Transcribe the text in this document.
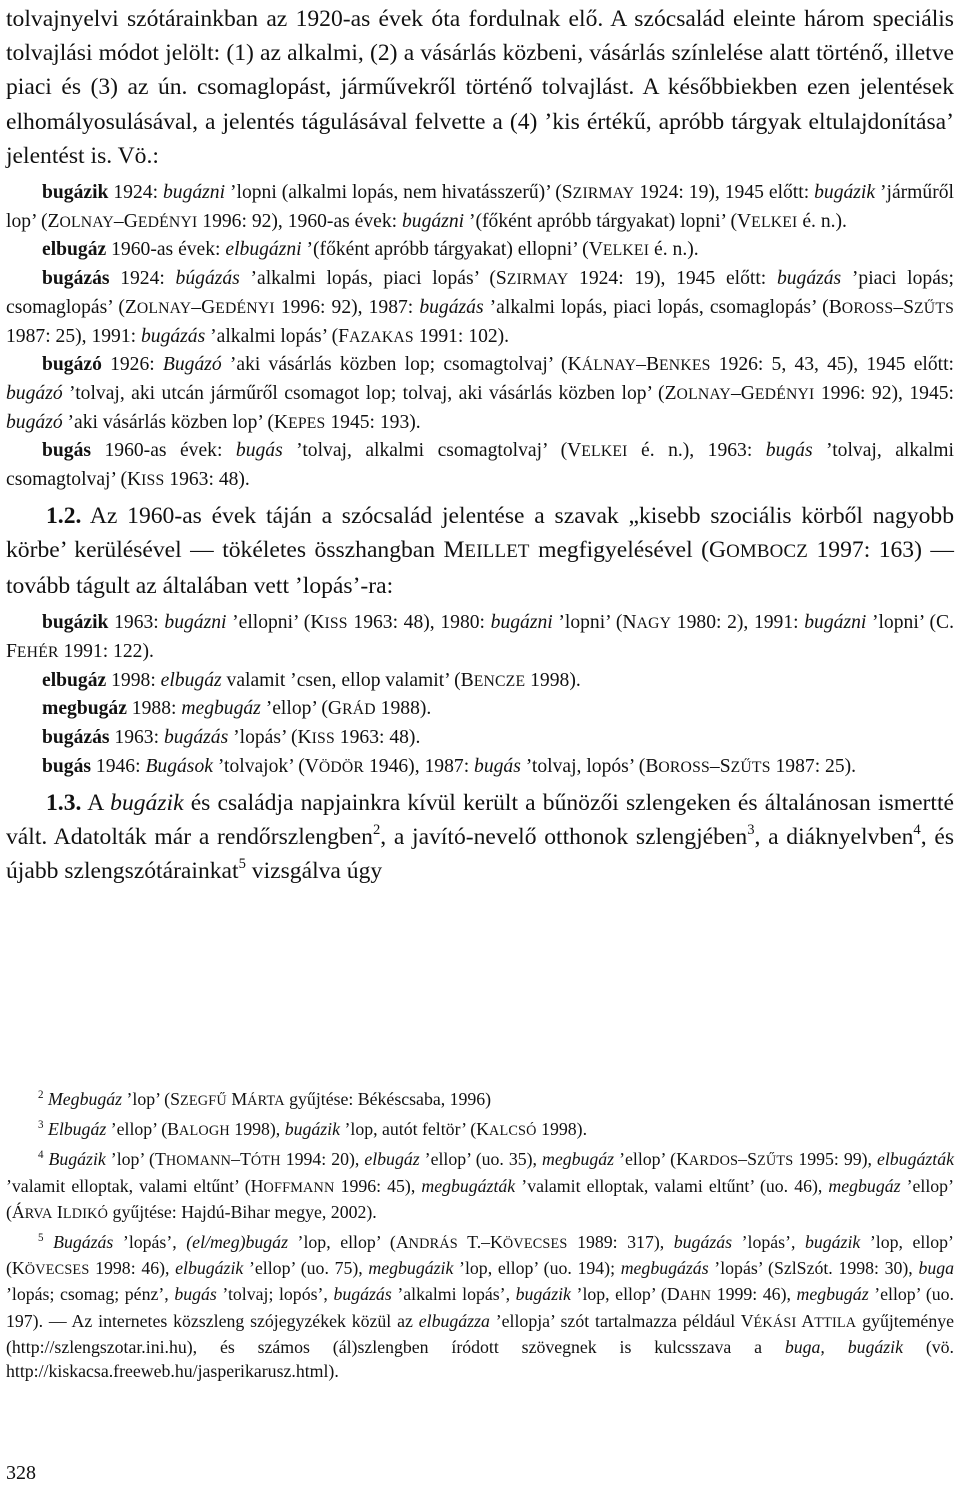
tolvajnyelvi szótárainkban az 1920-as évek óta fordulnak elő. A szócsalád eleinte három speciális tolvajlási módot jelölt: (1) az alkalmi, (2) a vásárlás közbeni, vásárlás színlelése alatt történő, illetve piaci és (3) az ún. csomaglopást, járművekről történő tolvajlást. A későbbiekben ezen jelentések elhomályosulásával, a jelentés tágulásával felvette a (4) ’kis értékű, apróbb tárgyak eltulajdonítása’ jelentést is. Vö.:

bugázik 1924: bugázni ’lopni (alkalmi lopás, nem hivatásszerű)’ (SZIRMAY 1924: 19), 1945 előtt: bugázik ’járműről lop’ (ZOLNAY–GEDÉNYI 1996: 92), 1960-as évek: bugázni ’(főként apróbb tárgyakat) lopni’ (VELKEI é. n.).

elbugáz 1960-as évek: elbugázni ’(főként apróbb tárgyakat) ellopni’ (VELKEI é. n.).

bugázás 1924: búgázás ’alkalmi lopás, piaci lopás’ (SZIRMAY 1924: 19), 1945 előtt: bugázás ’piaci lopás; csomaglopás’ (ZOLNAY–GEDÉNYI 1996: 92), 1987: bugázás ’alkalmi lopás, piaci lopás, csomaglopás’ (BOROSS–SZŰTS 1987: 25), 1991: bugázás ’alkalmi lopás’ (FAZAKAS 1991: 102).

bugázó 1926: Bugázó ’aki vásárlás közben lop; csomagtolvaj’ (KÁLNAY–BENKES 1926: 5, 43, 45), 1945 előtt: bugázó ’tolvaj, aki utcán járműről csomagot lop; tolvaj, aki vásárlás közben lop’ (ZOLNAY–GEDÉNYI 1996: 92), 1945: bugázó ’aki vásárlás közben lop’ (KEPES 1945: 193).

bugás 1960-as évek: bugás ’tolvaj, alkalmi csomagtolvaj’ (VELKEI é. n.), 1963: bugás ’tolvaj, alkalmi csomagtolvaj’ (KISS 1963: 48).

1.2. Az 1960-as évek táján a szócsalád jelentése a szavak „kisebb szociális körből nagyobb körbe’ kerülésével — tökéletes összhangban MEILLET megfigyelésével (GOMBOCZ 1997: 163) — tovább tágult az általában vett ’lopás’-ra:

bugázik 1963: bugázni ’ellopni’ (KISS 1963: 48), 1980: bugázni ’lopni’ (NAGY 1980: 2), 1991: bugázni ’lopni’ (C. FEHÉR 1991: 122).

elbugáz 1998: elbugáz valamit ’csen, ellop valamit’ (BENCZE 1998).

megbugáz 1988: megbugáz ’ellop’ (GRÁD 1988).

bugázás 1963: bugázás ’lopás’ (KISS 1963: 48).

bugás 1946: Bugások ’tolvajok’ (VÖDÖR 1946), 1987: bugás ’tolvaj, lopós’ (BOROSS–SZŰTS 1987: 25).

1.3. A bugázik és családja napjainkra kívül került a bűnözői szlengeken és általánosan ismertté vált. Adatolták már a rendőrszlengben$^2$, a javító-nevelő otthonok szlengjében$^3$, a diáknyelvben$^4$, és újabb szlengszótárainkat$^5$ vizsgálva úgy

$^2$ Megbugáz ’lop’ (SZEGFŰ MÁRTA gyűjtése: Békéscsaba, 1996)

$^3$ Elbugáz ’ellop’ (BALOGH 1998), bugázik ’lop, autót feltör’ (KALCSÓ 1998).

$^4$ Bugázik ’lop’ (THOMANN–TÓTH 1994: 20), elbugáz ’ellop’ (uo. 35), megbugáz ’ellop’ (KARDOS–SZŰTS 1995: 99), elbugázták ’valamit elloptak, valami eltűnt’ (HOFFMANN 1996: 45), megbugázták ’valamit elloptak, valami eltűnt’ (uo. 46), megbugáz ’ellop’ (ÁRVA ILDIKÓ gyűjtése: Hajdú-Bihar megye, 2002).

$^5$ Bugázás ’lopás’, (el/meg)bugáz ’lop, ellop’ (ANDRÁS T.–KÖVECSES 1989: 317), bugázás ’lopás’, bugázik ’lop, ellop’ (KÖVECSES 1998: 46), elbugázik ’ellop’ (uo. 75), megbugázik ’lop, ellop’ (uo. 194); megbugázás ’lopás’ (SzlSzót. 1998: 30), buga ’lopás; csomag; pénz’, bugás ’tolvaj; lopós’, bugázás ’alkalmi lopás’, bugázik ’lop, ellop’ (DAHN 1999: 46), megbugáz ’ellop’ (uo. 197). — Az internetes közszleng szójegyzékek közül az elbugázza ’ellopja’ szót tartalmazza például VÉKÁSI ATTILA gyűjteménye (http://szlengszotar.ini.hu), és számos (ál)szlengben íródott szövegnek is kulcsszava a buga, bugázik (vö. http://kiskacsa.freeweb.hu/jasperikarusz.html).

328
